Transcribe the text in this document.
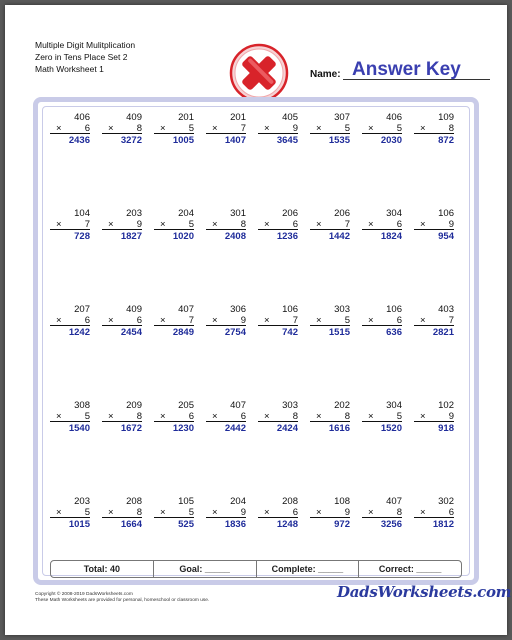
Multiple Digit Mulitplication
Zero in Tens Place Set 2
Math Worksheet 1	Name: Answer Key
406
× 6
2436
409
× 8
3272
201
× 5
1005
201
× 7
1407
405
× 9
3645
307
× 5
1535
406
× 5
2030
109
× 8
872
104
× 7
728
203
× 9
1827
204
× 5
1020
301
× 8
2408
206
× 6
1236
206
× 7
1442
304
× 6
1824
106
× 9
954
207
× 6
1242
409
× 6
2454
407
× 7
2849
306
× 9
2754
106
× 7
742
303
× 5
1515
106
× 6
636
403
× 7
2821
308
× 5
1540
209
× 8
1672
205
× 6
1230
407
× 6
2442
303
× 8
2424
202
× 8
1616
304
× 5
1520
102
× 9
918
203
× 5
1015
208
× 8
1664
105
× 5
525
204
× 9
1836
208
× 6
1248
108
× 9
972
407
× 8
3256
302
× 6
1812
Total: 40	Goal: _____	Complete: _____	Correct: _____
Copyright © 2008-2019 DadsWorksheets.com
These Math Worksheets are provided for personal, homeschool or classroom use.	DadsWorksheets.com
